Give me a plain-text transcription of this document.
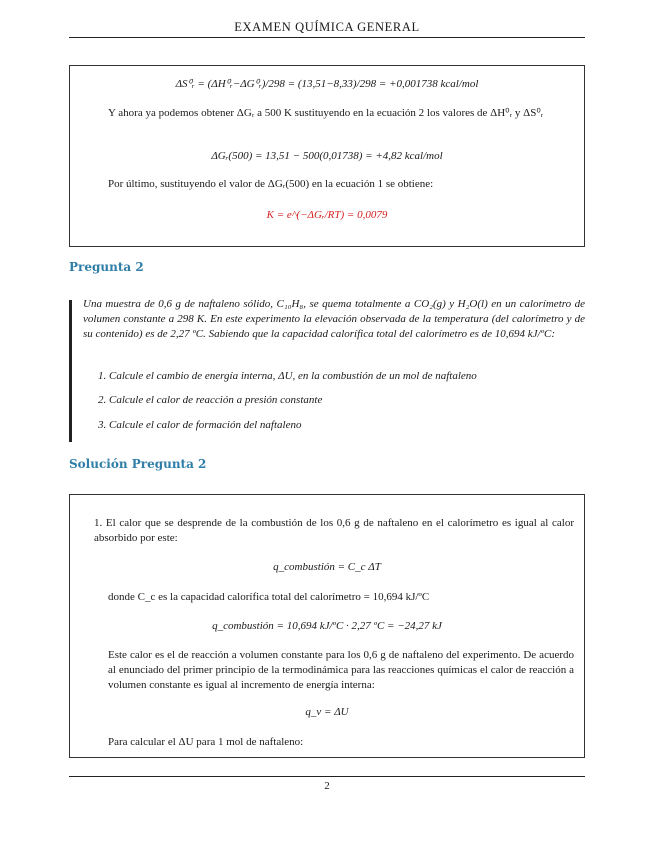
EXAMEN QUÍMICA GENERAL
ΔS⁰ᵣ = (ΔH⁰ᵣ−ΔG⁰ᵣ)/298 = (13,51−8,33)/298 = +0,001738 kcal/mol
Y ahora ya podemos obtener ΔGᵣ a 500 K sustituyendo en la ecuación 2 los valores de ΔH⁰ᵣ y ΔS⁰ᵣ
ΔGᵣ(500) = 13,51 − 500(0,01738) = +4,82 kcal/mol
Por último, sustituyendo el valor de ΔGᵣ(500) en la ecuación 1 se obtiene:
K = e^(−ΔGᵣ/RT) = 0,0079
Pregunta 2
Una muestra de 0,6 g de naftaleno sólido, C₁₀H₈, se quema totalmente a CO₂(g) y H₂O(l) en un calorímetro de volumen constante a 298 K. En este experimento la elevación observada de la temperatura (del calorímetro y de su contenido) es de 2,27 ºC. Sabiendo que la capacidad calorífica total del calorímetro es de 10,694 kJ/ºC:
1. Calcule el cambio de energía interna, ΔU, en la combustión de un mol de naftaleno
2. Calcule el calor de reacción a presión constante
3. Calcule el calor de formación del naftaleno
Solución Pregunta 2
1. El calor que se desprende de la combustión de los 0,6 g de naftaleno en el calorímetro es igual al calor absorbido por este:
q_combustión = C_c ΔT
donde C_c es la capacidad calorífica total del calorímetro = 10,694 kJ/ºC
q_combustión = 10,694 kJ/ºC · 2,27 ºC = −24,27 kJ
Este calor es el de reacción a volumen constante para los 0,6 g de naftaleno del experimento. De acuerdo al enunciado del primer principio de la termodinámica para las reacciones químicas el calor de reacción a volumen constante es igual al incremento de energía interna:
q_v = ΔU
Para calcular el ΔU para 1 mol de naftaleno:
2
